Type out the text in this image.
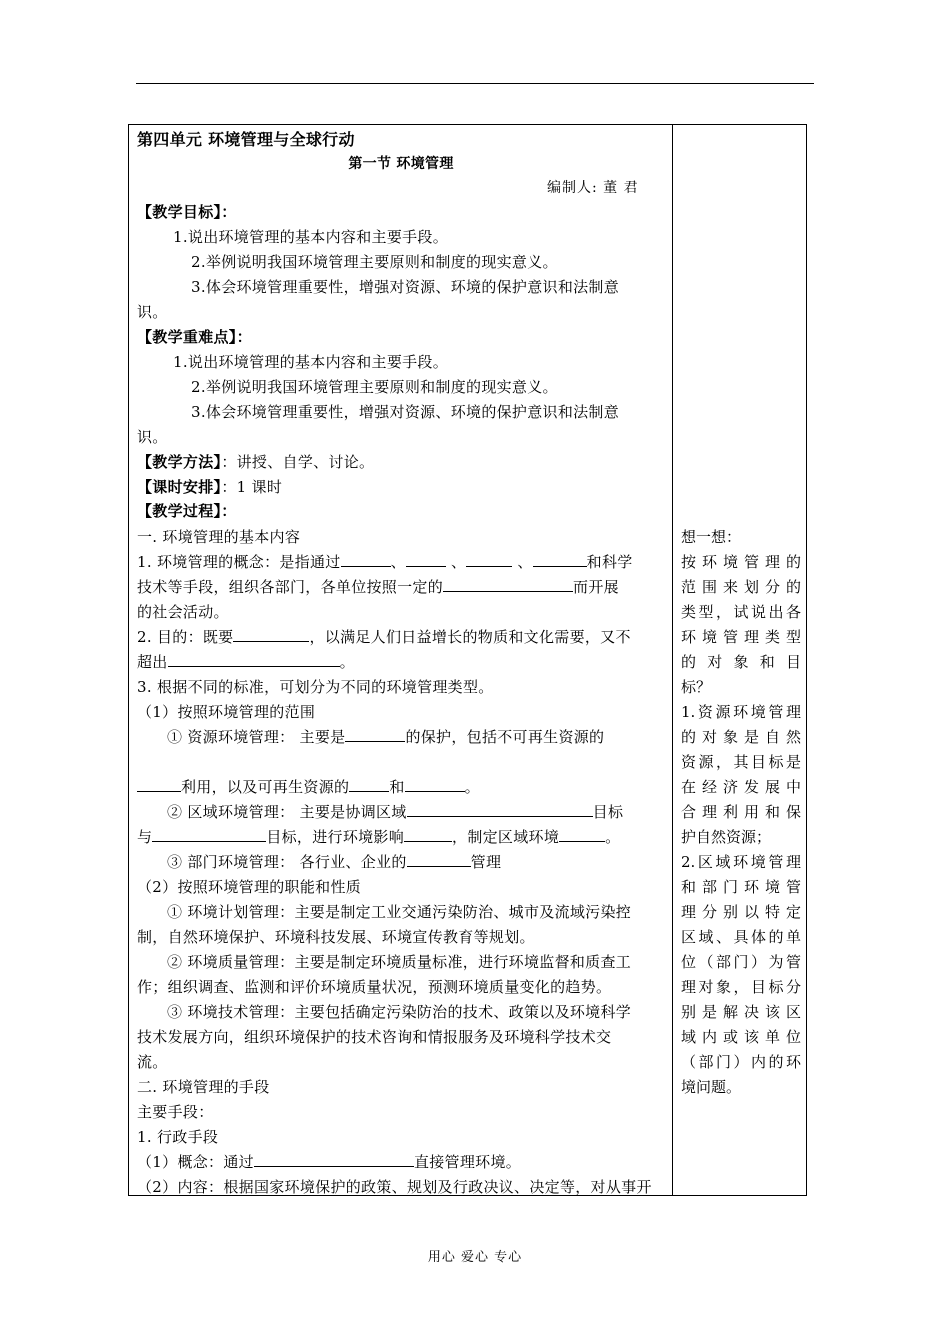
第四单元 环境管理与全球行动
第一节 环境管理
编制人: 董 君
【教学目标】：
1.说出环境管理的基本内容和主要手段。
2.举例说明我国环境管理主要原则和制度的现实意义。
3.体会环境管理重要性，增强对资源、环境的保护意识和法制意
识。
【教学重难点】：
1.说出环境管理的基本内容和主要手段。
2.举例说明我国环境管理主要原则和制度的现实意义。
3.体会环境管理重要性，增强对资源、环境的保护意识和法制意
识。
【教学方法】：讲授、自学、讨论。
【课时安排】：1 课时
【教学过程】：
一. 环境管理的基本内容
1. 环境管理的概念：是指通过	、	、	、	和科学
技术等手段，组织各部门，各单位按照一定的	而开展
的社会活动。
2. 目的：既要	，以满足人们日益增长的物质和文化需要，又不
超出	。
3. 根据不同的标准，可划分为不同的环境管理类型。
（1）按照环境管理的范围
① 资源环境管理： 主要是	的保护，包括不可再生资源的
利用，以及可再生资源的	和	。
② 区域环境管理： 主要是协调区域	目标
与	目标，进行环境影响	，制定区域环境	。
③ 部门环境管理： 各行业、企业的	管理
（2）按照环境管理的职能和性质
① 环境计划管理：主要是制定工业交通污染防治、城市及流域污染控
制，自然环境保护、环境科技发展、环境宣传教育等规划。
② 环境质量管理：主要是制定环境质量标准，进行环境监督和质查工
作；组织调查、监测和评价环境质量状况，预测环境质量变化的趋势。
③ 环境技术管理：主要包括确定污染防治的技术、政策以及环境科学
技术发展方向，组织环境保护的技术咨询和情报服务及环境科学技术交
流。
二. 环境管理的手段
主要手段：
1. 行政手段
（1）概念：通过	直接管理环境。
（2）内容：根据国家环境保护的政策、规划及行政决议、决定等，对从事开
想一想：
按环境管理的
范围来划分的
类型，试说出各
环境管理类型
的对象和目
标？
1.资源环境管理
的对象是自然
资源，其目标是
在经济发展中
合理利用和保
护自然资源；
2.区域环境管理
和部门环境管
理分别以特定
区域、具体的单
位（部门）为管
理对象，目标分
别是解决该区
域内或该单位
（部门）内的环
境问题。
用心 爱心 专心
